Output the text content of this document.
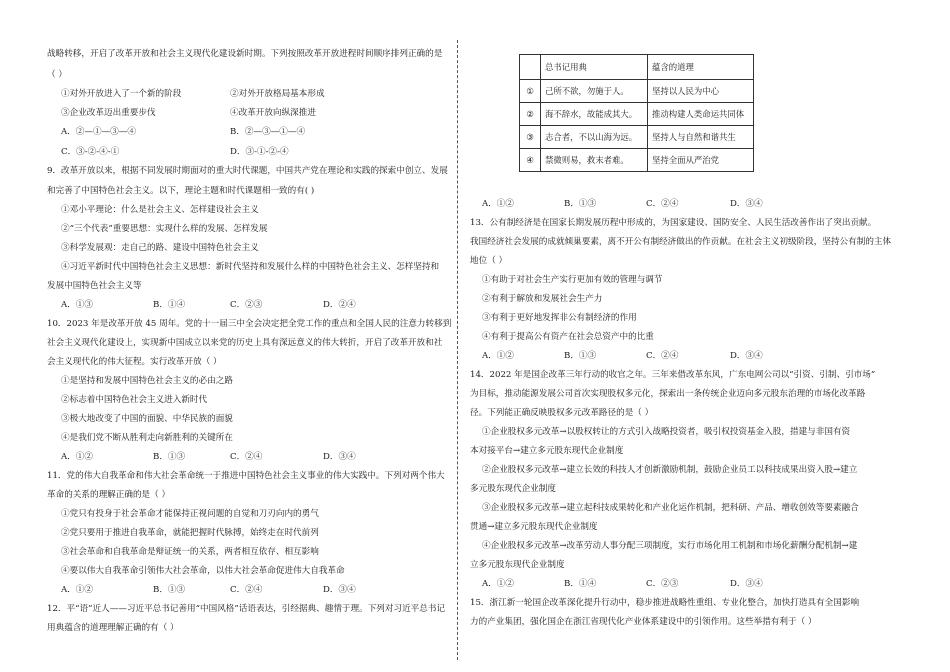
战略转移，开启了改革开放和社会主义现代化建设新时期。下列按照改革开放进程时间顺序排列正确的是
（ ）
①对外开放进入了一个新的阶段	②对外开放格局基本形成
③企业改革迈出重要步伐	④改革开放向纵深推进
A．②—①—③—④	B．②—③—①—④
C．③-②-④-①	D．③-①-②-④
9．改革开放以来，根据不同发展时期面对的重大时代课题，中国共产党在理论和实践的探索中创立、发展
和完善了中国特色社会主义。以下，理论主题和时代课题相一致的有( )
①邓小平理论：什么是社会主义、怎样建设社会主义
②“三个代表”重要思想：实现什么样的发展、怎样发展
③科学发展观：走自己的路、建设中国特色社会主义
④习近平新时代中国特色社会主义思想：新时代坚持和发展什么样的中国特色社会主义、怎样坚持和
发展中国特色社会主义等
A．①③	B．①④	C．②③	D．②④
10．2023 年是改革开放 45 周年。党的十一届三中全会决定把全党工作的重点和全国人民的注意力转移到
社会主义现代化建设上，实现新中国成立以来党的历史上具有深远意义的伟大转折，开启了改革开放和社
会主义现代化的伟大征程。实行改革开放（ ）
①是坚持和发展中国特色社会主义的必由之路
②标志着中国特色社会主义进入新时代
③极大地改变了中国的面貌、中华民族的面貌
④是我们党不断从胜利走向新胜利的关键所在
A．①②	B．①③	C．②④	D．③④
11．党的伟大自我革命和伟大社会革命统一于推进中国特色社会主义事业的伟大实践中。下列对两个伟大
革命的关系的理解正确的是（ ）
①党只有投身于社会革命才能保持正视问题的自觉和刀刃向内的勇气
②党只要用于推进自我革命，就能把握时代脉搏，始终走在时代前列
③社会革命和自我革命是辩证统一的关系，两者相互依存、相互影响
④要以伟大自我革命引领伟大社会革命，以伟大社会革命促进伟大自我革命
A．①②	B．①③	C．②④	D．③④
12．平“语”近人——习近平总书记善用“中国风格”话语表达，引经据典、趣情于理。下列对习近平总书记
用典蕴含的道理理解正确的有（ ）
	总书记用典	蕴含的道理
①	己所不欲，勿施于人。	坚持以人民为中心
②	海不辞水，故能成其大。	推动构建人类命运共同体
③	志合者，不以山海为远。	坚持人与自然和谐共生
④	禁微则易，救末者难。	坚持全面从严治党
A．①②	B．①③	C．②④	D．③④
13．公有制经济是在国家长期发展历程中形成的，为国家建设、国防安全、人民生活改善作出了突出贡献。
我国经济社会发展的成就倾巢要素，离不开公有制经济做出的作贡献。在社会主义初级阶段，坚持公有制的主体
地位（ ）
①有助于对社会生产实行更加有效的管理与调节
②有利于解放和发展社会生产力
③有利于更好地发挥非公有制经济的作用
④有利于提高公有资产在社会总资产中的比重
A．①②	B．①③	C．②④	D．③④
14．2022 年是国企改革三年行动的收官之年。三年来借改革东风，广东电网公司以“引资、引制、引市场”
为目标，推动能源发展公司首次实现股权多元化，探索出一条传统企业迈向多元股东治理的市场化改革路
径。下列能正确反映股权多元改革路径的是（ ）
①企业股权多元改革→以股权转让的方式引入战略投资者，吸引权投资基金入股，措建与非国有资
本对接平台→建立多元股东现代企业制度
②企业股权多元改革→建立长效的科技人才创新激励机制，鼓励企业员工以科技成果出资入股→建立
多元股东现代企业制度
③企业股权多元改革→建立起科技成果转化和产业化运作机制，把科研、产品、增收创效等要素融合
贯通→建立多元股东现代企业制度
④企业股权多元改革→改革劳动人事分配三项制度，实行市场化用工机制和市场化薪酬分配机制→建
立多元股东现代企业制度
A．①②	B．①④	C．②③	D．③④
15．浙江新一轮国企改革深化提升行动中，稳步推进战略性重组、专业化整合，加快打造具有全国影响
力的产业集团，强化国企在浙江省现代化产业体系建设中的引领作用。这些举措有利于（ ）
